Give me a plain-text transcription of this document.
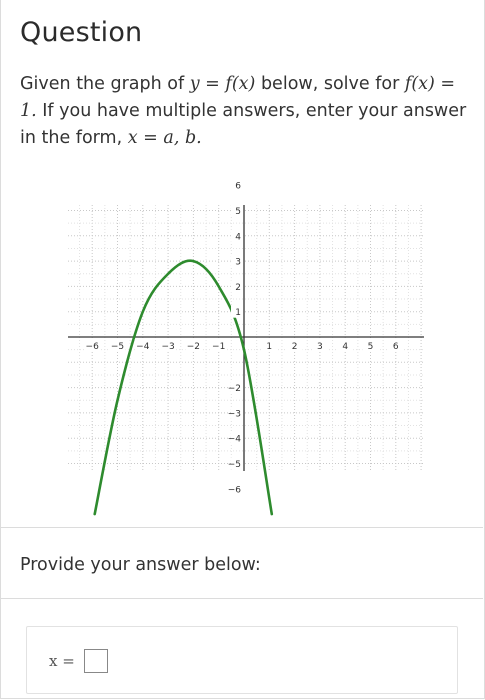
Question
Given the graph of y = f(x) below, solve for f(x) = 1. If you have multiple answers, enter your answer in the form, x = a, b.
−6 −5 −4 −3 −2 −1	1 2 3 4 5 6
6
5
4
3
2
1
−2
−3
−4
−5
−6
Provide your answer below:
x =
